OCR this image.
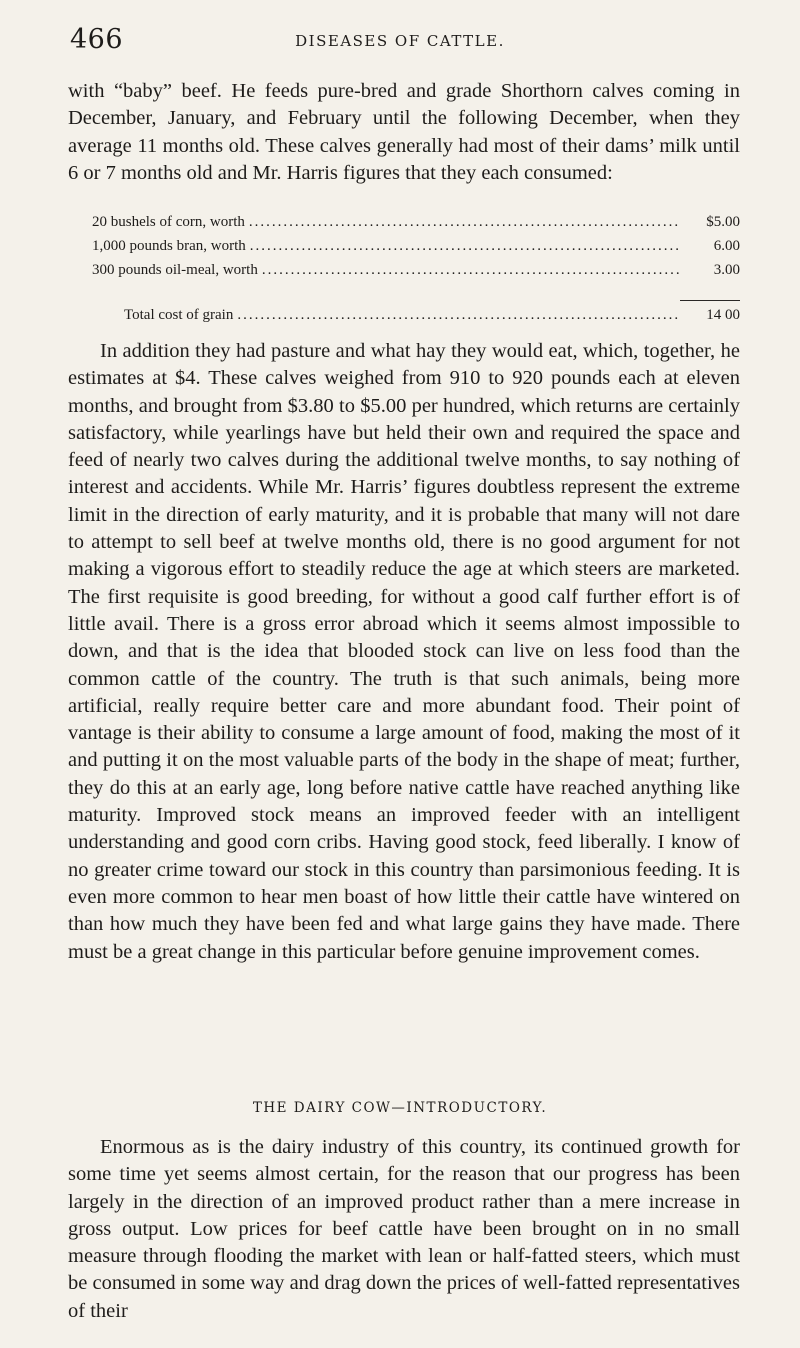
466	DISEASES OF CATTLE.

with “baby” beef. He feeds pure-bred and grade Shorthorn calves coming in December, January, and February until the following December, when they average 11 months old. These calves generally had most of their dams’ milk until 6 or 7 months old and Mr. Harris figures that they each consumed:

20 bushels of corn, worth .....	$5.00
1,000 pounds bran, worth .....	6.00
300 pounds oil-meal, worth .....	3.00
Total cost of grain .....	14 00

In addition they had pasture and what hay they would eat, which, together, he estimates at $4. These calves weighed from 910 to 920 pounds each at eleven months, and brought from $3.80 to $5.00 per hundred, which returns are certainly satisfactory, while yearlings have but held their own and required the space and feed of nearly two calves during the additional twelve months, to say nothing of interest and accidents. While Mr. Harris’ figures doubtless represent the extreme limit in the direction of early maturity, and it is probable that many will not dare to attempt to sell beef at twelve months old, there is no good argument for not making a vigorous effort to steadily reduce the age at which steers are marketed. The first requisite is good breeding, for without a good calf further effort is of little avail. There is a gross error abroad which it seems almost impossible to down, and that is the idea that blooded stock can live on less food than the common cattle of the country. The truth is that such animals, being more artificial, really require better care and more abundant food. Their point of vantage is their ability to consume a large amount of food, making the most of it and putting it on the most valuable parts of the body in the shape of meat; further, they do this at an early age, long before native cattle have reached anything like maturity. Improved stock means an improved feeder with an intelligent understanding and good corn cribs. Having good stock, feed liberally. I know of no greater crime toward our stock in this country than parsimonious feeding. It is even more common to hear men boast of how little their cattle have wintered on than how much they have been fed and what large gains they have made. There must be a great change in this particular before genuine improvement comes.

THE DAIRY COW—INTRODUCTORY.

Enormous as is the dairy industry of this country, its continued growth for some time yet seems almost certain, for the reason that our progress has been largely in the direction of an improved product rather than a mere increase in gross output. Low prices for beef cattle have been brought on in no small measure through flooding the market with lean or half-fatted steers, which must be consumed in some way and drag down the prices of well-fatted representatives of their
